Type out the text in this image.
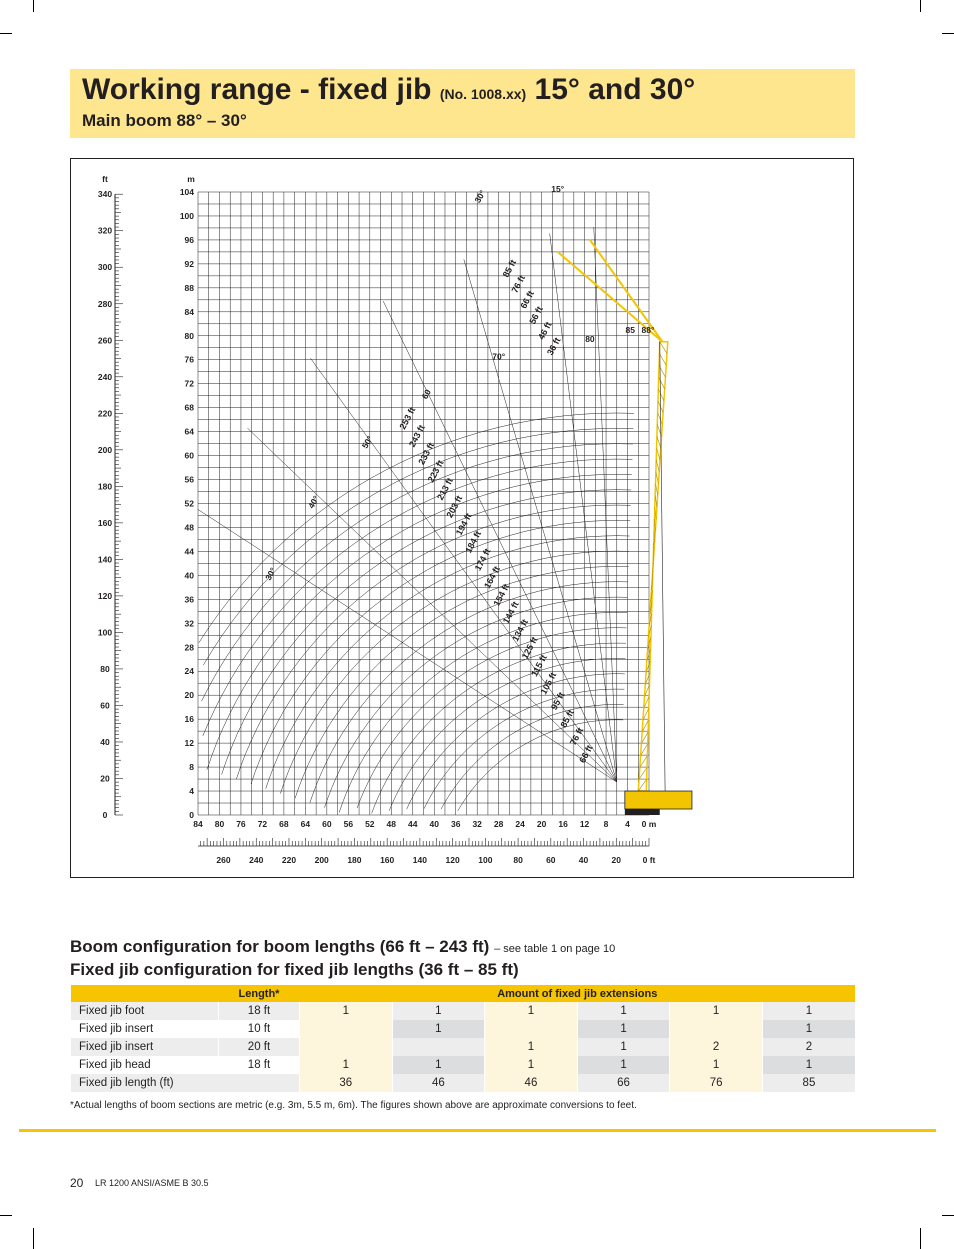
Working range - fixed jib (No. 1008.xx) 15° and 30°
Main boom 88° – 30°
104
100
96
92
88
84
80
76
72
68
64
60
56
52
48
44
40
36
32
28
24
20
16
12
8
4
0
m
340
320
300
280
260
240
220
200
180
160
140
120
100
80
60
40
20
0
ft
84 80 76 72 68 64 60 56 52 48 44 40 36 32 28 24 20 16 12 8 4 0 m
260 240 220 200 180 160 140 120 100 80	60	40	20	0 ft
30°	15°
30°
40°
50°
60
70°
80
85 88°
253 ft
243 ft
233 ft
223 ft
213 ft
203 ft
194 ft
184 ft
174 ft
164 ft
154 ft
144 ft
134 ft
125 ft
115 ft
105 ft
95 ft
85 ft
76 ft
66 ft
85 ft
76 ft
66 ft
56 ft
46 ft
36 ft
Boom configuration for boom lengths (66 ft – 243 ft) – see table 1 on page 10
Fixed jib configuration for fixed jib lengths (36 ft – 85 ft)
	Length*	Amount of fixed jib extensions					
Fixed jib foot	18 ft	1	1	1	1	1	1
Fixed jib insert	10 ft		1		1		1
Fixed jib insert	20 ft			1	1	2	2
Fixed jib head	18 ft	1	1	1	1	1	1
Fixed jib length (ft)		36	46	46	66	76	85
*Actual lengths of boom sections are metric (e.g. 3m, 5.5 m, 6m). The figures shown above are approximate conversions to feet.
20 LR 1200 ANSI/ASME B 30.5
